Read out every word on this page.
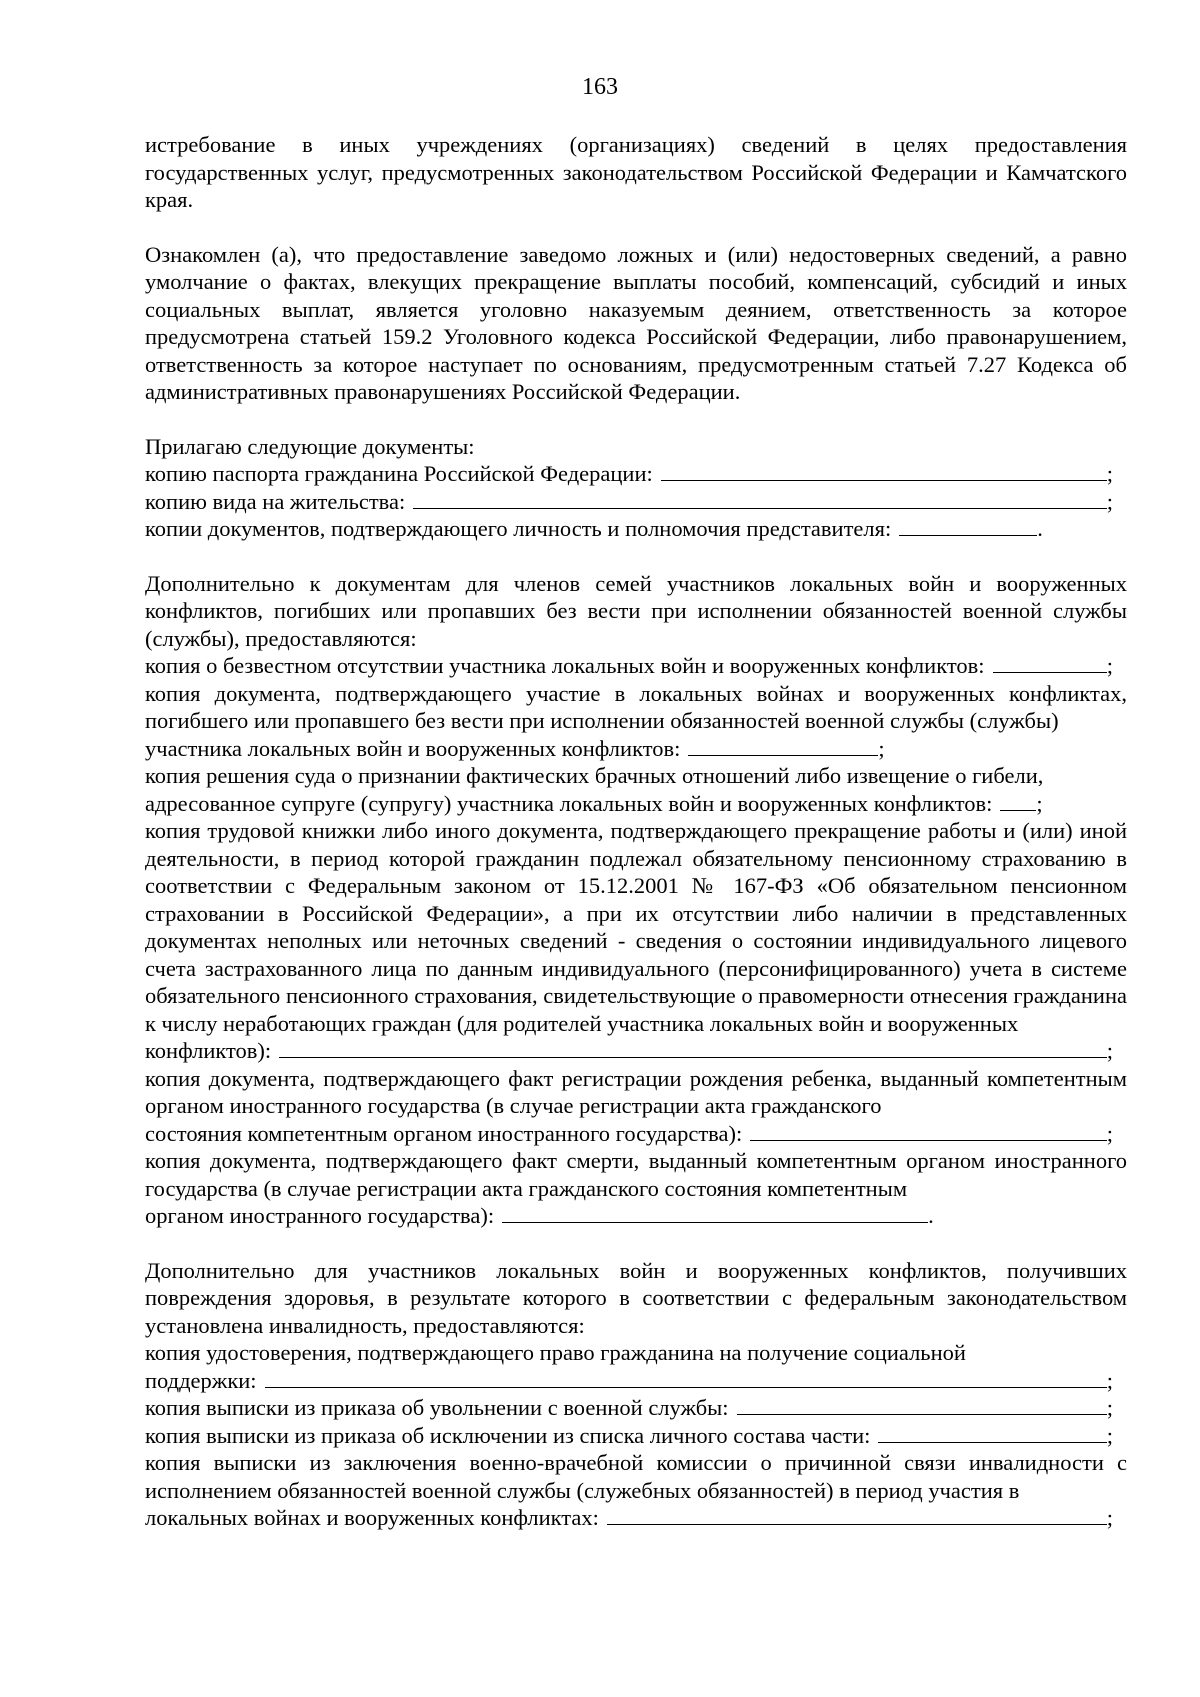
163

истребование в иных учреждениях (организациях) сведений в целях предоставления государственных услуг, предусмотренных законодательством Российской Федерации и Камчатского края.

Ознакомлен (а), что предоставление заведомо ложных и (или) недостоверных сведений, а равно умолчание о фактах, влекущих прекращение выплаты пособий, компенсаций, субсидий и иных социальных выплат, является уголовно наказуемым деянием, ответственность за которое предусмотрена статьей 159.2 Уголовного кодекса Российской Федерации, либо правонарушением, ответственность за которое наступает по основаниям, предусмотренным статьей 7.27 Кодекса об административных правонарушениях Российской Федерации.

Прилагаю следующие документы:

копию паспорта гражданина Российской Федерации:	;

копию вида на жительства:	;

копии документов, подтверждающего личность и полномочия представителя:	.

Дополнительно к документам для членов семей участников локальных войн и вооруженных конфликтов, погибших или пропавших без вести при исполнении обязанностей военной службы (службы), предоставляются:

копия о безвестном отсутствии участника локальных войн и вооруженных конфликтов:	;

копия документа, подтверждающего участие в локальных войнах и вооруженных конфликтах, погибшего или пропавшего без вести при исполнении обязанностей военной службы (службы)

участника локальных войн и вооруженных конфликтов:	;

копия решения суда о признании фактических брачных отношений либо извещение о гибели,

адресованное супруге (супругу) участника локальных войн и вооруженных конфликтов: ;

копия трудовой книжки либо иного документа, подтверждающего прекращение работы и (или) иной деятельности, в период которой гражданин подлежал обязательному пенсионному страхованию в соответствии с Федеральным законом от 15.12.2001 № 167-ФЗ «Об обязательном пенсионном страховании в Российской Федерации», а при их отсутствии либо наличии в представленных документах неполных или неточных сведений - сведения о состоянии индивидуального лицевого счета застрахованного лица по данным индивидуального (персонифицированного) учета в системе обязательного пенсионного страхования, свидетельствующие о правомерности отнесения гражданина к числу неработающих граждан (для родителей участника локальных войн и вооруженных

конфликтов):	;

копия документа, подтверждающего факт регистрации рождения ребенка, выданный компетентным органом иностранного государства (в случае регистрации акта гражданского

состояния компетентным органом иностранного государства):	;

копия документа, подтверждающего факт смерти, выданный компетентным органом иностранного государства (в случае регистрации акта гражданского состояния компетентным

органом иностранного государства):	.

Дополнительно для участников локальных войн и вооруженных конфликтов, получивших повреждения здоровья, в результате которого в соответствии с федеральным законодательством установлена инвалидность, предоставляются:

копия удостоверения, подтверждающего право гражданина на получение социальной

поддержки:	;

копия выписки из приказа об увольнении с военной службы:	;

копия выписки из приказа об исключении из списка личного состава части:	;

копия выписки из заключения военно-врачебной комиссии о причинной связи инвалидности с исполнением обязанностей военной службы (служебных обязанностей) в период участия в

локальных войнах и вооруженных конфликтах:	;
